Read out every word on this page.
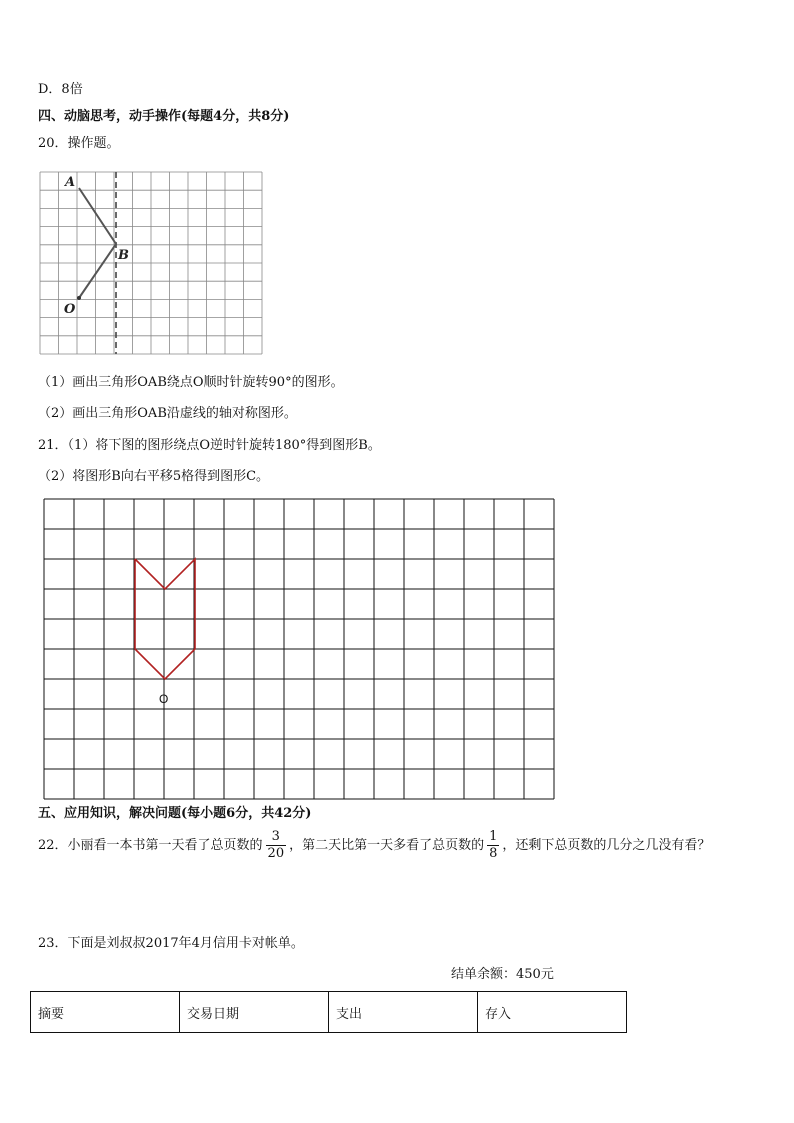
D．8倍
四、动脑思考，动手操作(每题4分，共8分)
20．操作题。
A
B
O
（1）画出三角形OAB绕点O顺时针旋转90°的图形。
（2）画出三角形OAB沿虚线的轴对称图形。
21．（1）将下图的图形绕点O逆时针旋转180°得到图形B。
（2）将图形B向右平移5格得到图形C。
O
五、应用知识，解决问题(每小题6分，共42分)
22．小丽看一本书第一天看了总页数的 $\frac{3}{20}$ ，第二天比第一天多看了总页数的 $\frac{1}{8}$ ，还剩下总页数的几分之几没有看？
23．下面是刘叔叔2017年4月信用卡对帐单。
结单余额：450元
摘要	交易日期	支出	存入
